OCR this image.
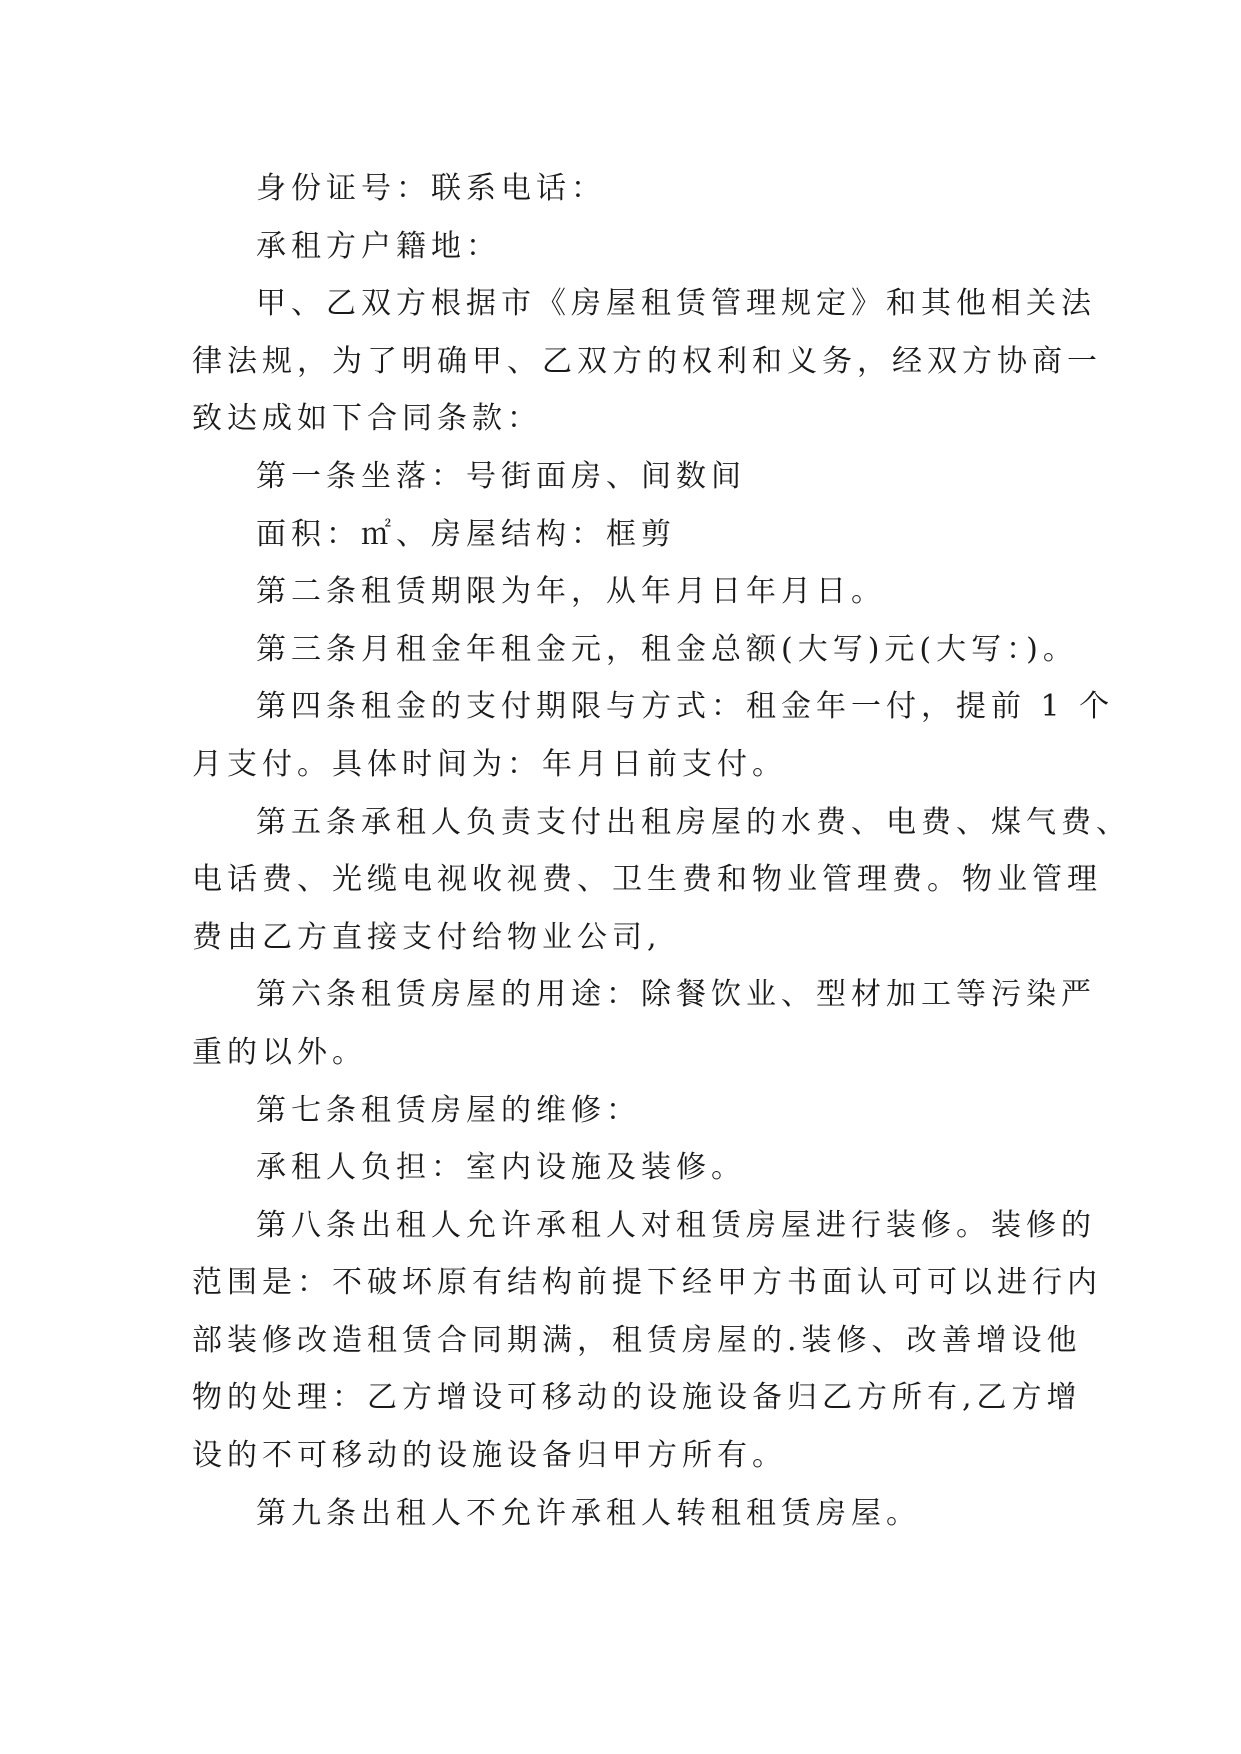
身份证号：联系电话：
承租方户籍地：
甲、乙双方根据市《房屋租赁管理规定》和其他相关法
律法规，为了明确甲、乙双方的权利和义务，经双方协商一
致达成如下合同条款：
第一条坐落：号街面房、间数间
面积：㎡、房屋结构：框剪
第二条租赁期限为年，从年月日年月日。
第三条月租金年租金元，租金总额(大写)元(大写：)。
第四条租金的支付期限与方式：租金年一付，提前 1 个
月支付。具体时间为：年月日前支付。
第五条承租人负责支付出租房屋的水费、电费、煤气费、
电话费、光缆电视收视费、卫生费和物业管理费。物业管理
费由乙方直接支付给物业公司,
第六条租赁房屋的用途：除餐饮业、型材加工等污染严
重的以外。
第七条租赁房屋的维修：
承租人负担：室内设施及装修。
第八条出租人允许承租人对租赁房屋进行装修。装修的
范围是：不破坏原有结构前提下经甲方书面认可可以进行内
部装修改造租赁合同期满，租赁房屋的.装修、改善增设他
物的处理：乙方增设可移动的设施设备归乙方所有,乙方增
设的不可移动的设施设备归甲方所有。
第九条出租人不允许承租人转租租赁房屋。
